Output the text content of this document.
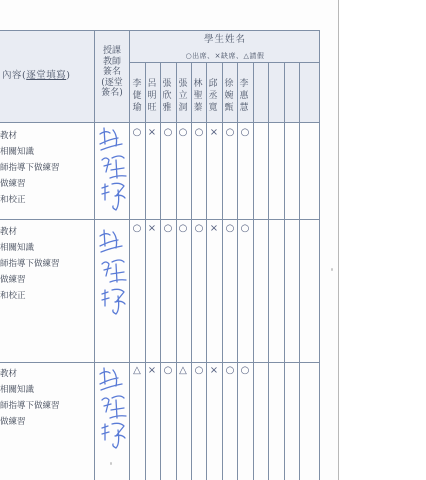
內容(逐堂填寫)
授課
教師
簽名
(逐堂
簽名)
學生姓名
○出席、×缺席、△請假
李
倢
瑜
呂
明
旺
張
欣
雅
張
立
洞
林
聖
蓁
邱
丞
寬
徐
婉
甄
李
惠
慧
教材
相關知識
師指導下做練習
做練習
和校正
○ × ○ ○ ○ × ○ ○
教材
相關知識
師指導下做練習
做練習
和校正
○ × ○ ○ ○ × ○ ○
教材
相關知識
師指導下做練習
做練習
△ × ○ △ ○ × ○ ○
